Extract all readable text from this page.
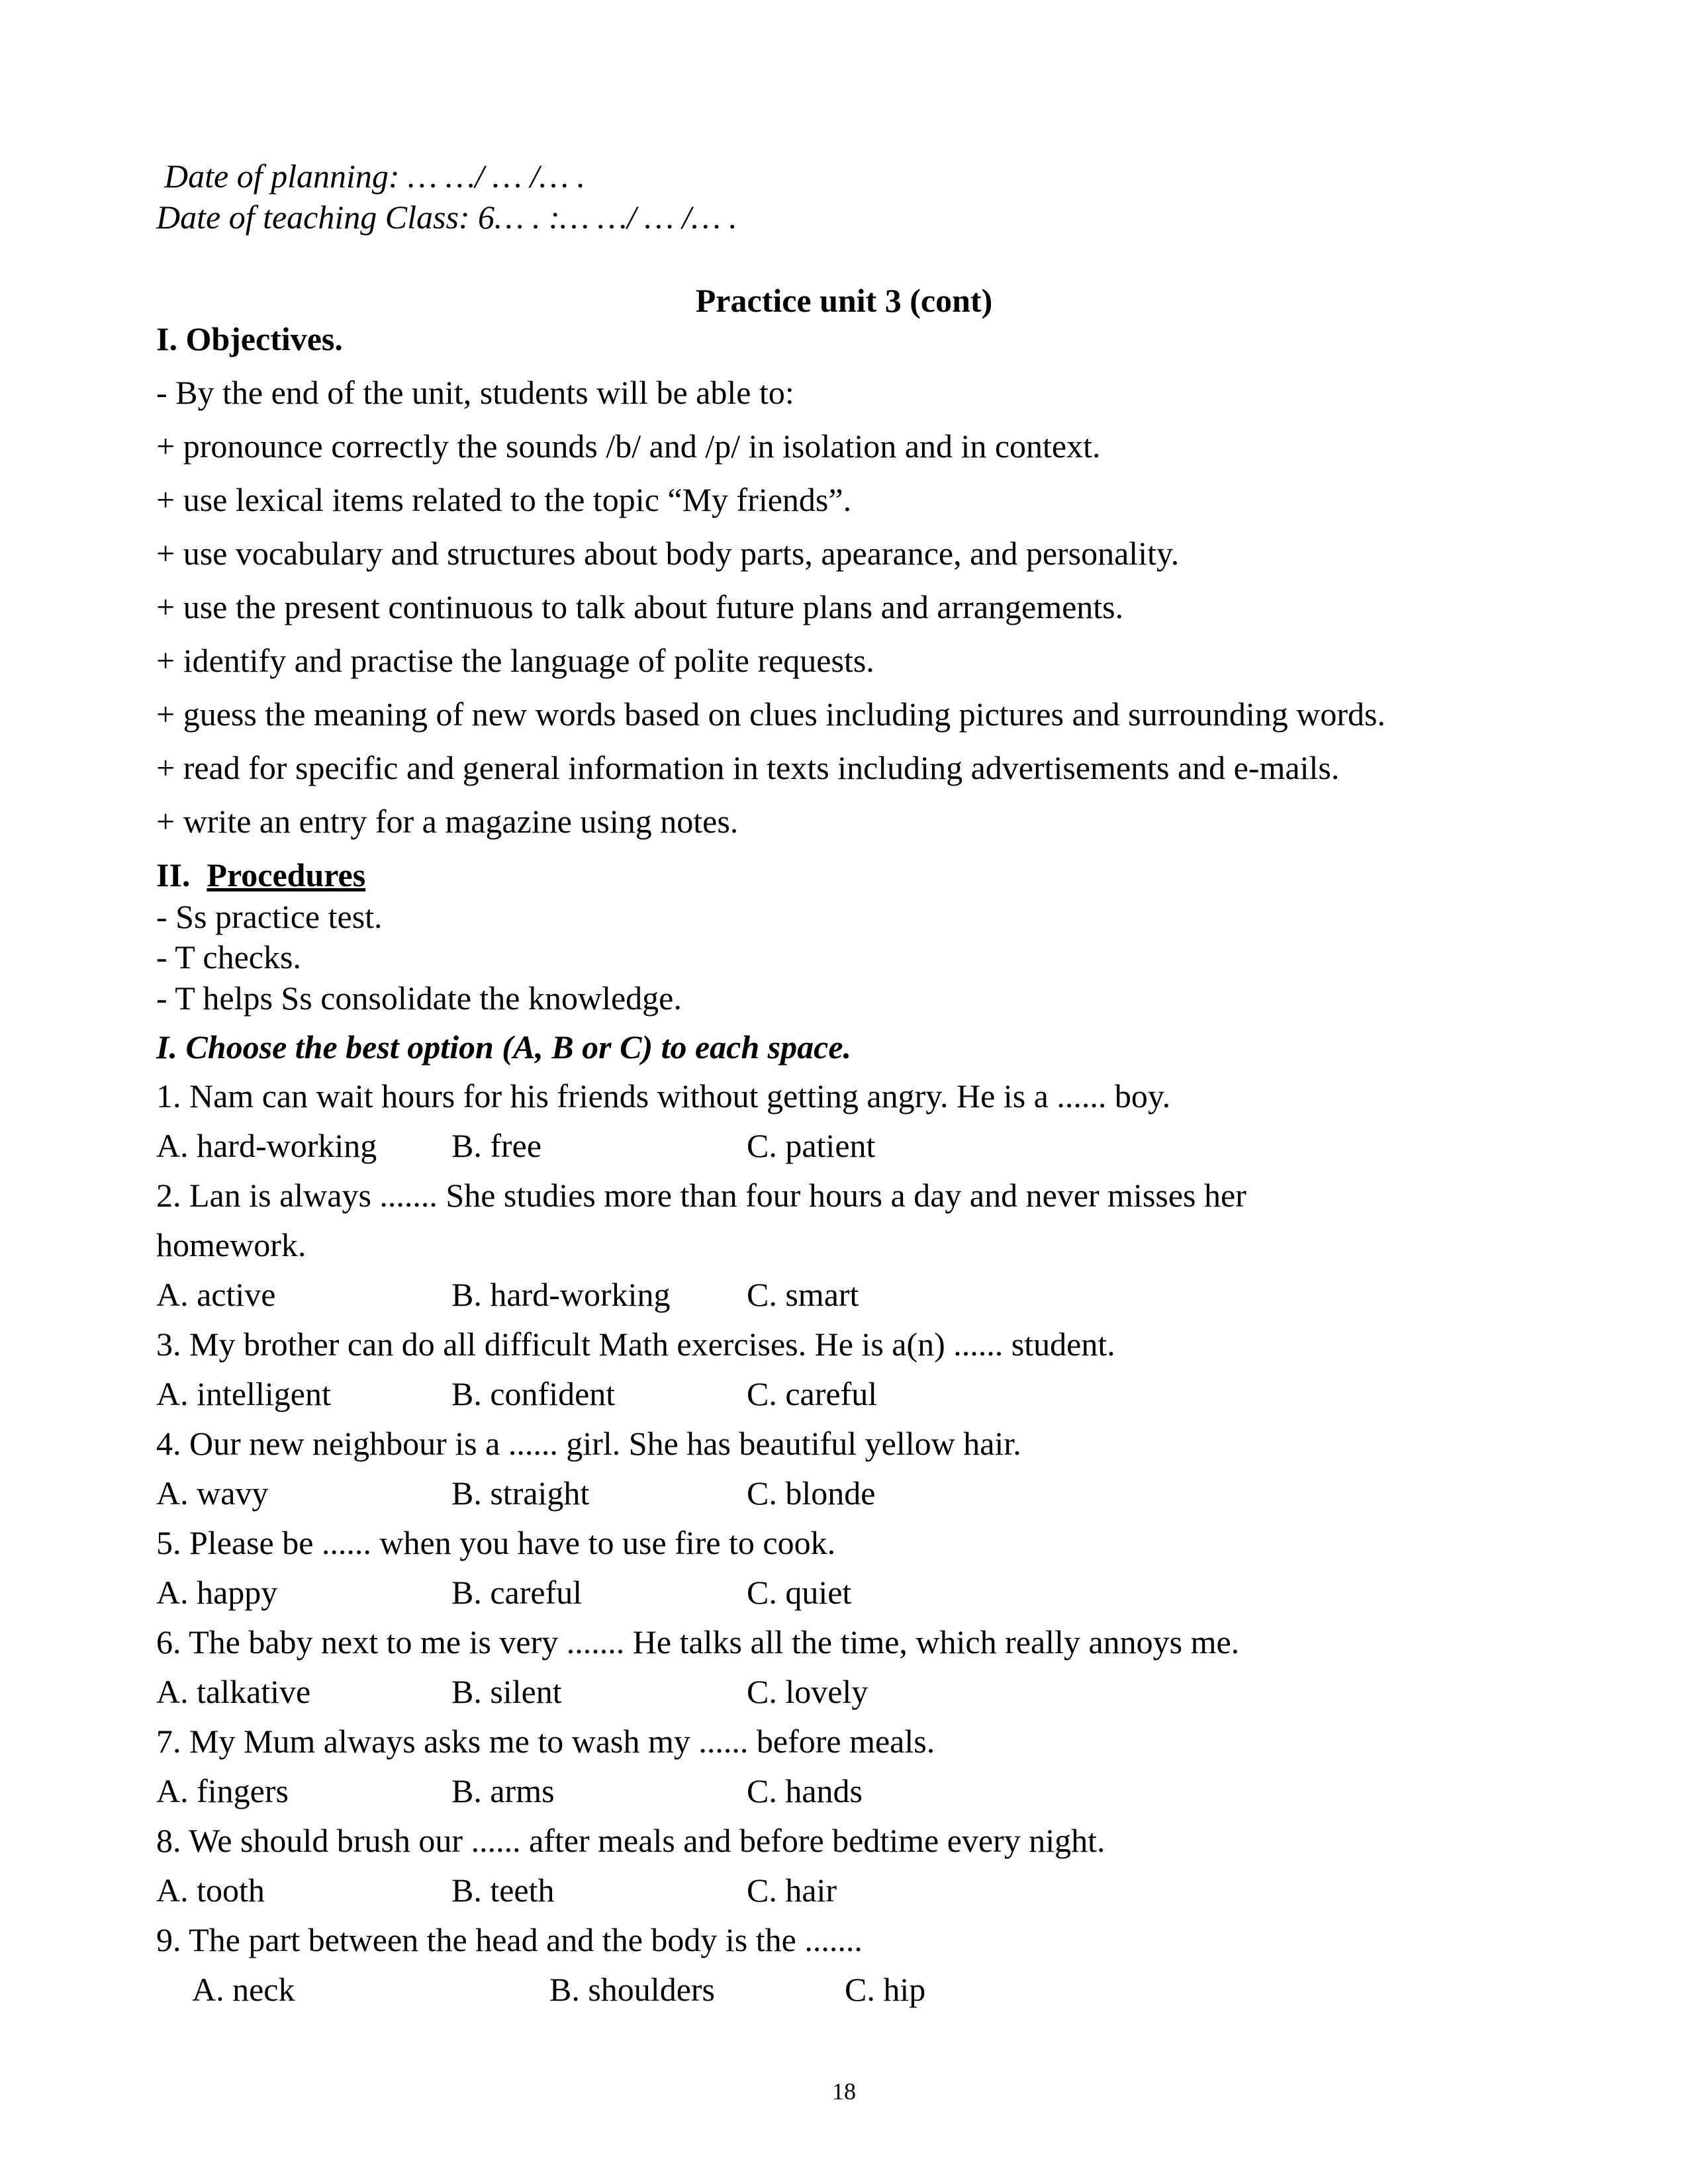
Date of planning: … …/ … /… .
Date of teaching Class: 6… . :… …/ … /… .
Practice unit 3 (cont)
I. Objectives.
- By the end of the unit, students will be able to:
+ pronounce correctly the sounds /b/ and /p/ in isolation and in context.
+ use lexical items related to the topic “My friends”.
+ use vocabulary and structures about body parts, apearance, and personality.
+ use the present continuous to talk about future plans and arrangements.
+ identify and practise the language of polite requests.
+ guess the meaning of new words based on clues including pictures and surrounding words.
+ read for specific and general information in texts including advertisements and e-mails.
+ write an entry for a magazine using notes.
II. Procedures
- Ss practice test.
- T checks.
- T helps Ss consolidate the knowledge.
I. Choose the best option (A, B or C) to each space.
1. Nam can wait hours for his friends without getting angry. He is a ...... boy.
A. hard-working B. free	C. patient
2. Lan is always ....... She studies more than four hours a day and never misses her
homework.
A. active	B. hard-working C. smart
3. My brother can do all difficult Math exercises. He is a(n) ...... student.
A. intelligent	B. confident	C. careful
4. Our new neighbour is a ...... girl. She has beautiful yellow hair.
A. wavy	B. straight	C. blonde
5. Please be ...... when you have to use fire to cook.
A. happy	B. careful	C. quiet
6. The baby next to me is very ....... He talks all the time, which really annoys me.
A. talkative	B. silent	C. lovely
7. My Mum always asks me to wash my ...... before meals.
A. fingers	B. arms	C. hands
8. We should brush our ...... after meals and before bedtime every night.
A. tooth	B. teeth	C. hair
9. The part between the head and the body is the .......
A. neck	B. shoulders	C. hip
18
